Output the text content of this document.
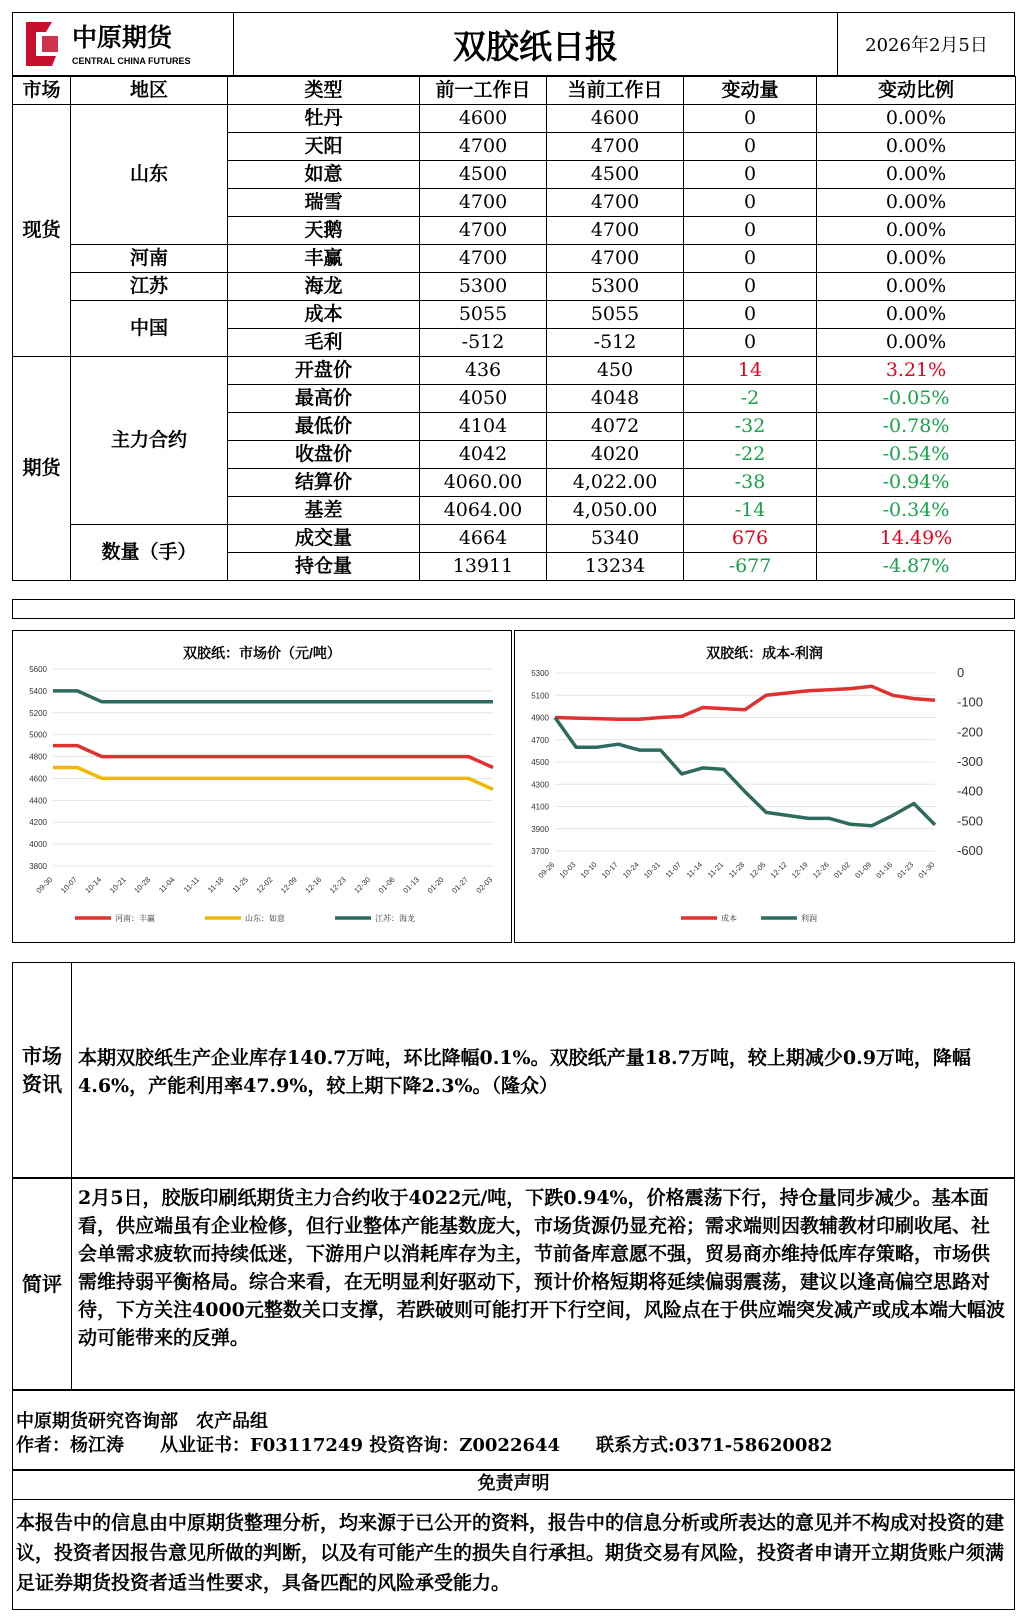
中原期货
CENTRAL CHINA FUTURES	双胶纸日报	2026年2月5日
市场	地区	类型	前一工作日	当前工作日	变动量	变动比例
现货	山东	牡丹	4600	4600	0	0.00%
		天阳	4700	4700	0	0.00%
		如意	4500	4500	0	0.00%
		瑞雪	4700	4700	0	0.00%
		天鹅	4700	4700	0	0.00%
	河南	丰赢	4700	4700	0	0.00%
	江苏	海龙	5300	5300	0	0.00%
	中国	成本	5055	5055	0	0.00%
		毛利	-512	-512	0	0.00%
期货	主力合约	开盘价	436	450	14	3.21%
		最高价	4050	4048	-2	-0.05%
		最低价	4104	4072	-32	-0.78%
		收盘价	4042	4020	-22	-0.54%
		结算价	4060.00	4,022.00	-38	-0.94%
		基差	4064.00	4,050.00	-14	-0.34%
	数量（手）	成交量	4664	5340	676	14.49%
		持仓量	13911	13234	-677	-4.87%
双胶纸：市场价（元/吨）
3800
4000
4200
4400
4600
4800
5000
5200
5400
5600
09-30 10-07 10-14 10-21 10-28 11-04 11-11 11-18 11-25 12-02 12-09 12-16 12-23 12-30 01-06 01-13 01-20 01-27 02-03
河南：丰赢	山东：如意	江苏：海龙
双胶纸：成本-利润
3700
3900
4100
4300
4500
4700
4900
5100
5300	0
-100
-200
-300
-400
-500
-600
09-26 10-03 10-10 10-17 10-24 10-31 11-07 11-14 11-21 11-28 12-05 12-12 12-19 12-26 01-02 01-09 01-16 01-23 01-30
成本	利润
市场资讯
本期双胶纸生产企业库存140.7万吨，环比降幅0.1%。双胶纸产量18.7万吨，较上期减少0.9万吨，降幅4.6%，产能利用率47.9%，较上期下降2.3%。（隆众）
简评
2月5日，胶版印刷纸期货主力合约收于4022元/吨，下跌0.94%，价格震荡下行，持仓量同步减少。基本面看，供应端虽有企业检修，但行业整体产能基数庞大，市场货源仍显充裕；需求端则因教辅教材印刷收尾、社会单需求疲软而持续低迷，下游用户以消耗库存为主，节前备库意愿不强，贸易商亦维持低库存策略，市场供需维持弱平衡格局。综合来看，在无明显利好驱动下，预计价格短期将延续偏弱震荡，建议以逢高偏空思路对待，下方关注4000元整数关口支撑，若跌破则可能打开下行空间，风险点在于供应端突发减产或成本端大幅波动可能带来的反弹。
中原期货研究咨询部　农产品组
作者：杨江涛　　从业证书：F03117249 投资咨询：Z0022644　　联系方式:0371-58620082
免责声明
本报告中的信息由中原期货整理分析，均来源于已公开的资料，报告中的信息分析或所表达的意见并不构成对投资的建议，投资者因报告意见所做的判断，以及有可能产生的损失自行承担。期货交易有风险，投资者申请开立期货账户须满足证券期货投资者适当性要求，具备匹配的风险承受能力。
